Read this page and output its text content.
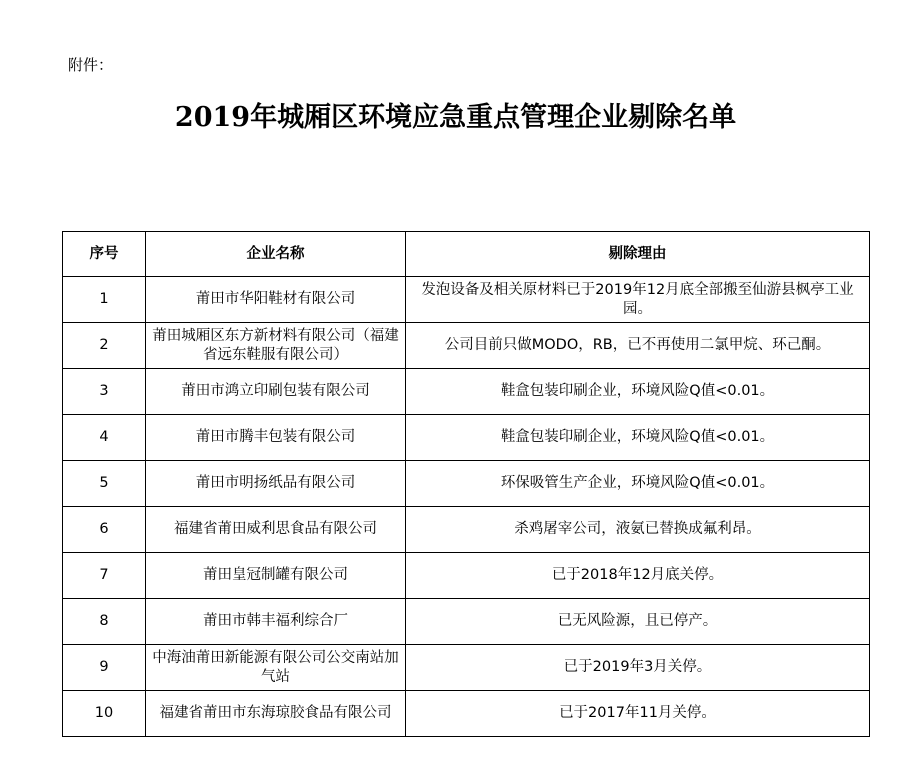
附件：
2019年城厢区环境应急重点管理企业剔除名单
序号	企业名称	剔除理由
1	莆田市华阳鞋材有限公司	发泡设备及相关原材料已于2019年12月底全部搬至仙游县枫亭工业园。
2	莆田城厢区东方新材料有限公司（福建省远东鞋服有限公司）	公司目前只做MODO，RB，已不再使用二氯甲烷、环己酮。
3	莆田市鸿立印刷包装有限公司	鞋盒包装印刷企业，环境风险Q值<0.01。
4	莆田市腾丰包装有限公司	鞋盒包装印刷企业，环境风险Q值<0.01。
5	莆田市明扬纸品有限公司	环保吸管生产企业，环境风险Q值<0.01。
6	福建省莆田威利思食品有限公司	杀鸡屠宰公司，液氨已替换成氟利昂。
7	莆田皇冠制罐有限公司	已于2018年12月底关停。
8	莆田市韩丰福利综合厂	已无风险源，且已停产。
9	中海油莆田新能源有限公司公交南站加气站	已于2019年3月关停。
10	福建省莆田市东海琼胶食品有限公司	已于2017年11月关停。
